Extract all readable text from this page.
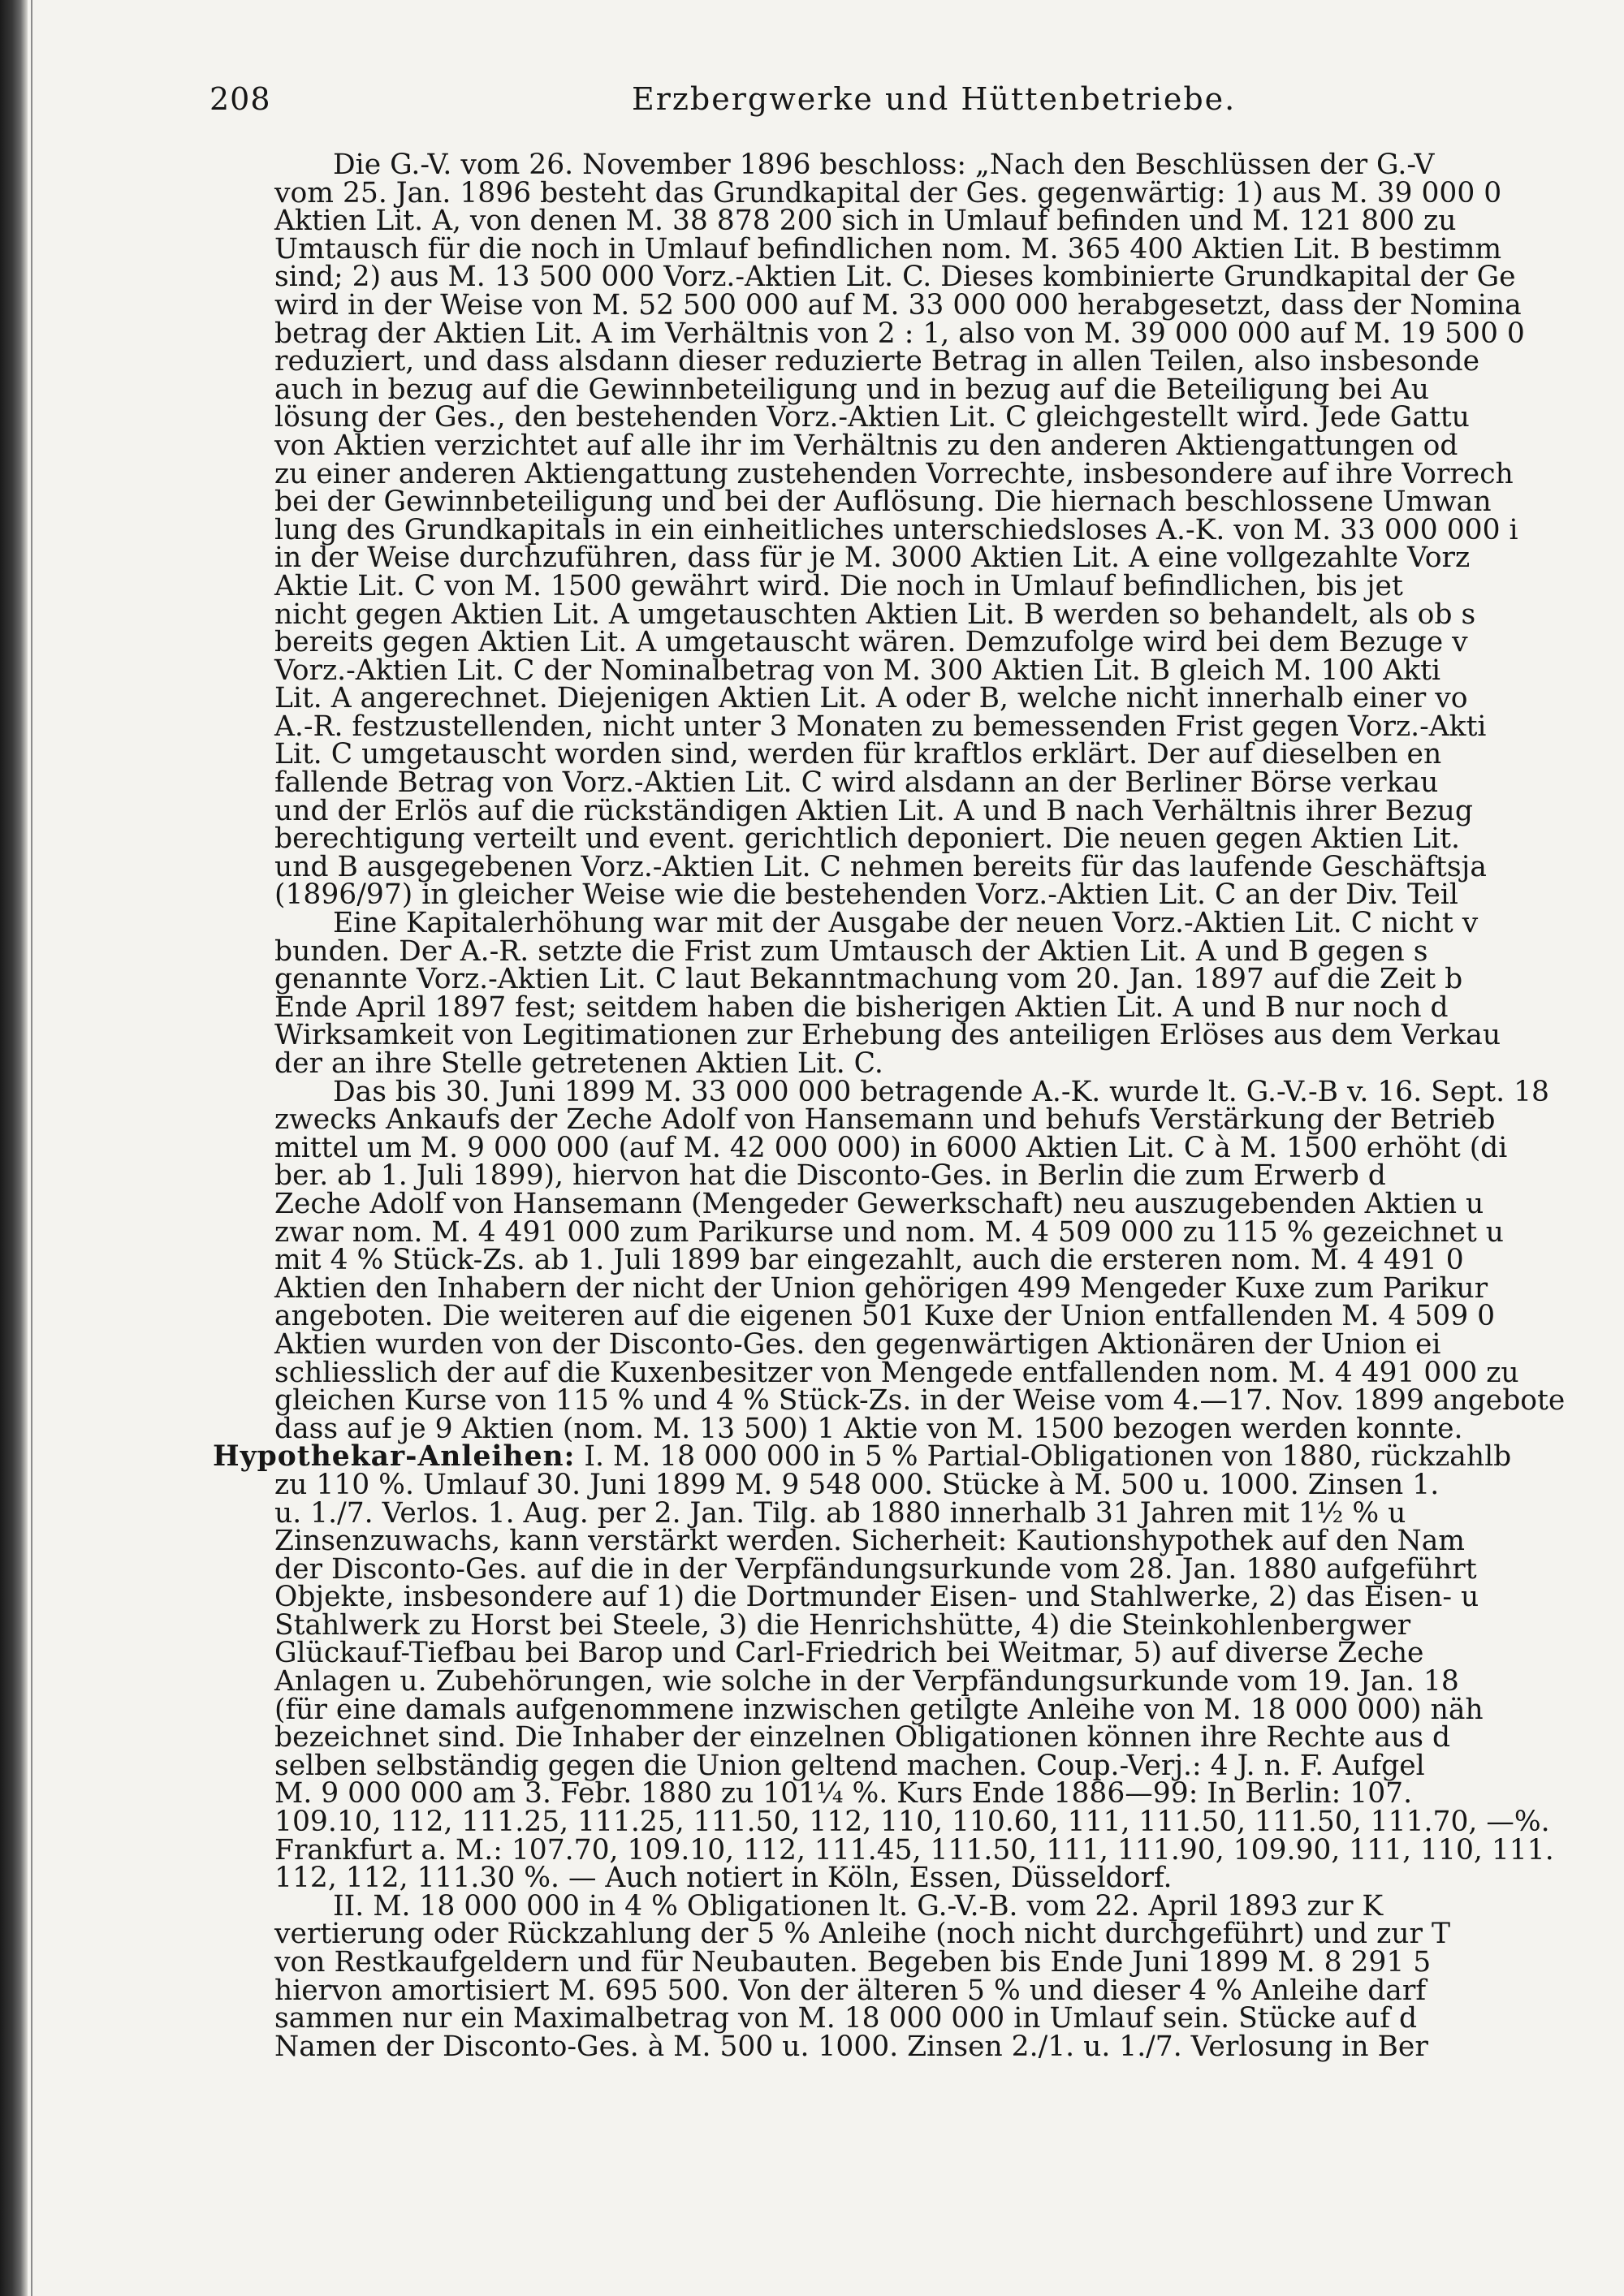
208	Erzbergwerke und Hüttenbetriebe.
Die G.-V. vom 26. November 1896 beschloss: „Nach den Beschlüssen der G.-V
vom 25. Jan. 1896 besteht das Grundkapital der Ges. gegenwärtig: 1) aus M. 39 000 0
Aktien Lit. A, von denen M. 38 878 200 sich in Umlauf befinden und M. 121 800 zu
Umtausch für die noch in Umlauf befindlichen nom. M. 365 400 Aktien Lit. B bestimm
sind; 2) aus M. 13 500 000 Vorz.-Aktien Lit. C. Dieses kombinierte Grundkapital der Ge
wird in der Weise von M. 52 500 000 auf M. 33 000 000 herabgesetzt, dass der Nomina
betrag der Aktien Lit. A im Verhältnis von 2 : 1, also von M. 39 000 000 auf M. 19 500 0
reduziert, und dass alsdann dieser reduzierte Betrag in allen Teilen, also insbesonde
auch in bezug auf die Gewinnbeteiligung und in bezug auf die Beteiligung bei Au
lösung der Ges., den bestehenden Vorz.-Aktien Lit. C gleichgestellt wird. Jede Gattu
von Aktien verzichtet auf alle ihr im Verhältnis zu den anderen Aktiengattungen od
zu einer anderen Aktiengattung zustehenden Vorrechte, insbesondere auf ihre Vorrech
bei der Gewinnbeteiligung und bei der Auflösung. Die hiernach beschlossene Umwan
lung des Grundkapitals in ein einheitliches unterschiedsloses A.-K. von M. 33 000 000 i
in der Weise durchzuführen, dass für je M. 3000 Aktien Lit. A eine vollgezahlte Vorz
Aktie Lit. C von M. 1500 gewährt wird. Die noch in Umlauf befindlichen, bis jet
nicht gegen Aktien Lit. A umgetauschten Aktien Lit. B werden so behandelt, als ob s
bereits gegen Aktien Lit. A umgetauscht wären. Demzufolge wird bei dem Bezuge v
Vorz.-Aktien Lit. C der Nominalbetrag von M. 300 Aktien Lit. B gleich M. 100 Akti
Lit. A angerechnet. Diejenigen Aktien Lit. A oder B, welche nicht innerhalb einer vo
A.-R. festzustellenden, nicht unter 3 Monaten zu bemessenden Frist gegen Vorz.-Akti
Lit. C umgetauscht worden sind, werden für kraftlos erklärt. Der auf dieselben en
fallende Betrag von Vorz.-Aktien Lit. C wird alsdann an der Berliner Börse verkau
und der Erlös auf die rückständigen Aktien Lit. A und B nach Verhältnis ihrer Bezug
berechtigung verteilt und event. gerichtlich deponiert. Die neuen gegen Aktien Lit.
und B ausgegebenen Vorz.-Aktien Lit. C nehmen bereits für das laufende Geschäftsja
(1896/97) in gleicher Weise wie die bestehenden Vorz.-Aktien Lit. C an der Div. Teil
Eine Kapitalerhöhung war mit der Ausgabe der neuen Vorz.-Aktien Lit. C nicht v
bunden. Der A.-R. setzte die Frist zum Umtausch der Aktien Lit. A und B gegen s
genannte Vorz.-Aktien Lit. C laut Bekanntmachung vom 20. Jan. 1897 auf die Zeit b
Ende April 1897 fest; seitdem haben die bisherigen Aktien Lit. A und B nur noch d
Wirksamkeit von Legitimationen zur Erhebung des anteiligen Erlöses aus dem Verkau
der an ihre Stelle getretenen Aktien Lit. C.
Das bis 30. Juni 1899 M. 33 000 000 betragende A.-K. wurde lt. G.-V.-B v. 16. Sept. 18
zwecks Ankaufs der Zeche Adolf von Hansemann und behufs Verstärkung der Betrieb
mittel um M. 9 000 000 (auf M. 42 000 000) in 6000 Aktien Lit. C à M. 1500 erhöht (di
ber. ab 1. Juli 1899), hiervon hat die Disconto-Ges. in Berlin die zum Erwerb d
Zeche Adolf von Hansemann (Mengeder Gewerkschaft) neu auszugebenden Aktien u
zwar nom. M. 4 491 000 zum Parikurse und nom. M. 4 509 000 zu 115 % gezeichnet u
mit 4 % Stück-Zs. ab 1. Juli 1899 bar eingezahlt, auch die ersteren nom. M. 4 491 0
Aktien den Inhabern der nicht der Union gehörigen 499 Mengeder Kuxe zum Parikur
angeboten. Die weiteren auf die eigenen 501 Kuxe der Union entfallenden M. 4 509 0
Aktien wurden von der Disconto-Ges. den gegenwärtigen Aktionären der Union ei
schliesslich der auf die Kuxenbesitzer von Mengede entfallenden nom. M. 4 491 000 zu
gleichen Kurse von 115 % und 4 % Stück-Zs. in der Weise vom 4.—17. Nov. 1899 angebote
dass auf je 9 Aktien (nom. M. 13 500) 1 Aktie von M. 1500 bezogen werden konnte.
Hypothekar-Anleihen: I. M. 18 000 000 in 5 % Partial-Obligationen von 1880, rückzahlb
zu 110 %. Umlauf 30. Juni 1899 M. 9 548 000. Stücke à M. 500 u. 1000. Zinsen 1.
u. 1./7. Verlos. 1. Aug. per 2. Jan. Tilg. ab 1880 innerhalb 31 Jahren mit 1½ % u
Zinsenzuwachs, kann verstärkt werden. Sicherheit: Kautionshypothek auf den Nam
der Disconto-Ges. auf die in der Verpfändungsurkunde vom 28. Jan. 1880 aufgeführt
Objekte, insbesondere auf 1) die Dortmunder Eisen- und Stahlwerke, 2) das Eisen- u
Stahlwerk zu Horst bei Steele, 3) die Henrichshütte, 4) die Steinkohlenbergwer
Glückauf-Tiefbau bei Barop und Carl-Friedrich bei Weitmar, 5) auf diverse Zeche
Anlagen u. Zubehörungen, wie solche in der Verpfändungsurkunde vom 19. Jan. 18
(für eine damals aufgenommene inzwischen getilgte Anleihe von M. 18 000 000) näh
bezeichnet sind. Die Inhaber der einzelnen Obligationen können ihre Rechte aus d
selben selbständig gegen die Union geltend machen. Coup.-Verj.: 4 J. n. F. Aufgel
M. 9 000 000 am 3. Febr. 1880 zu 101¼ %. Kurs Ende 1886—99: In Berlin: 107.
109.10, 112, 111.25, 111.25, 111.50, 112, 110, 110.60, 111, 111.50, 111.50, 111.70, —%.
Frankfurt a. M.: 107.70, 109.10, 112, 111.45, 111.50, 111, 111.90, 109.90, 111, 110, 111.
112, 112, 111.30 %. — Auch notiert in Köln, Essen, Düsseldorf.
II. M. 18 000 000 in 4 % Obligationen lt. G.-V.-B. vom 22. April 1893 zur K
vertierung oder Rückzahlung der 5 % Anleihe (noch nicht durchgeführt) und zur T
von Restkaufgeldern und für Neubauten. Begeben bis Ende Juni 1899 M. 8 291 5
hiervon amortisiert M. 695 500. Von der älteren 5 % und dieser 4 % Anleihe darf
sammen nur ein Maximalbetrag von M. 18 000 000 in Umlauf sein. Stücke auf d
Namen der Disconto-Ges. à M. 500 u. 1000. Zinsen 2./1. u. 1./7. Verlosung in Ber
